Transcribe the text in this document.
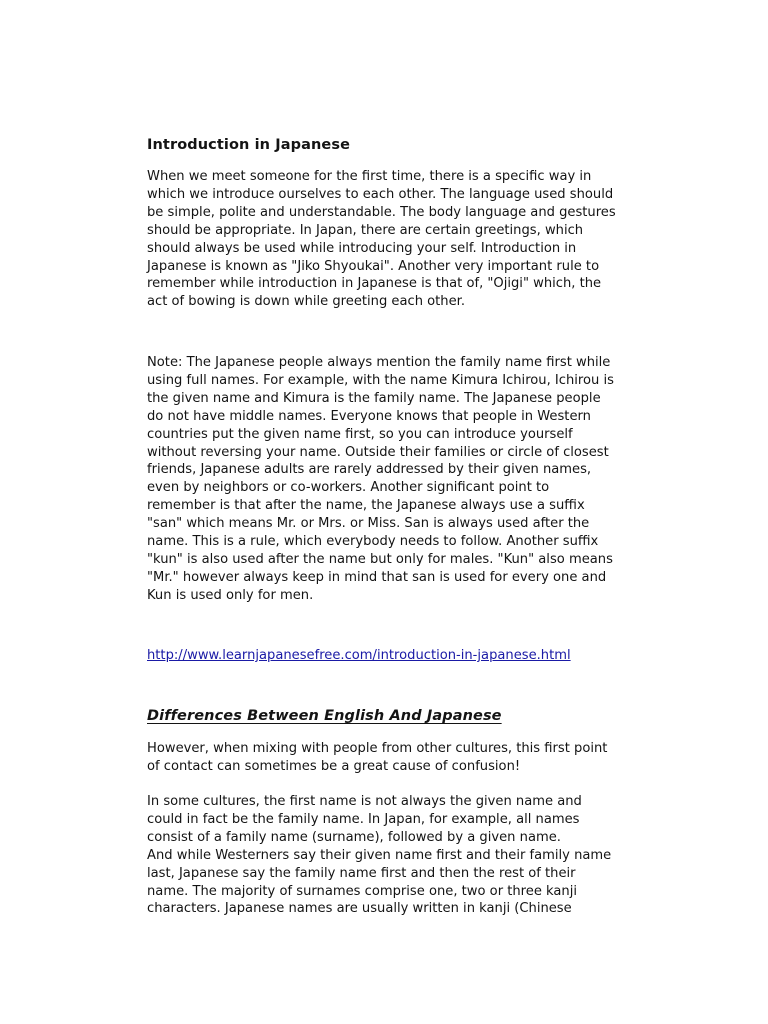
Introduction in Japanese
When we meet someone for the first time, there is a specific way in
which we introduce ourselves to each other. The language used should
be simple, polite and understandable. The body language and gestures
should be appropriate. In Japan, there are certain greetings, which
should always be used while introducing your self. Introduction in
Japanese is known as "Jiko Shyoukai". Another very important rule to
remember while introduction in Japanese is that of, "Ojigi" which, the
act of bowing is down while greeting each other.
Note: The Japanese people always mention the family name first while
using full names. For example, with the name Kimura Ichirou, Ichirou is
the given name and Kimura is the family name. The Japanese people
do not have middle names. Everyone knows that people in Western
countries put the given name first, so you can introduce yourself
without reversing your name. Outside their families or circle of closest
friends, Japanese adults are rarely addressed by their given names,
even by neighbors or co-workers. Another significant point to
remember is that after the name, the Japanese always use a suffix
"san" which means Mr. or Mrs. or Miss. San is always used after the
name. This is a rule, which everybody needs to follow. Another suffix
"kun" is also used after the name but only for males. "Kun" also means
"Mr." however always keep in mind that san is used for every one and
Kun is used only for men.
http://www.learnjapanesefree.com/introduction-in-japanese.html
Differences Between English And Japanese
However, when mixing with people from other cultures, this first point
of contact can sometimes be a great cause of confusion!
In some cultures, the first name is not always the given name and
could in fact be the family name. In Japan, for example, all names
consist of a family name (surname), followed by a given name.
And while Westerners say their given name first and their family name
last, Japanese say the family name first and then the rest of their
name. The majority of surnames comprise one, two or three kanji
characters. Japanese names are usually written in kanji (Chinese
